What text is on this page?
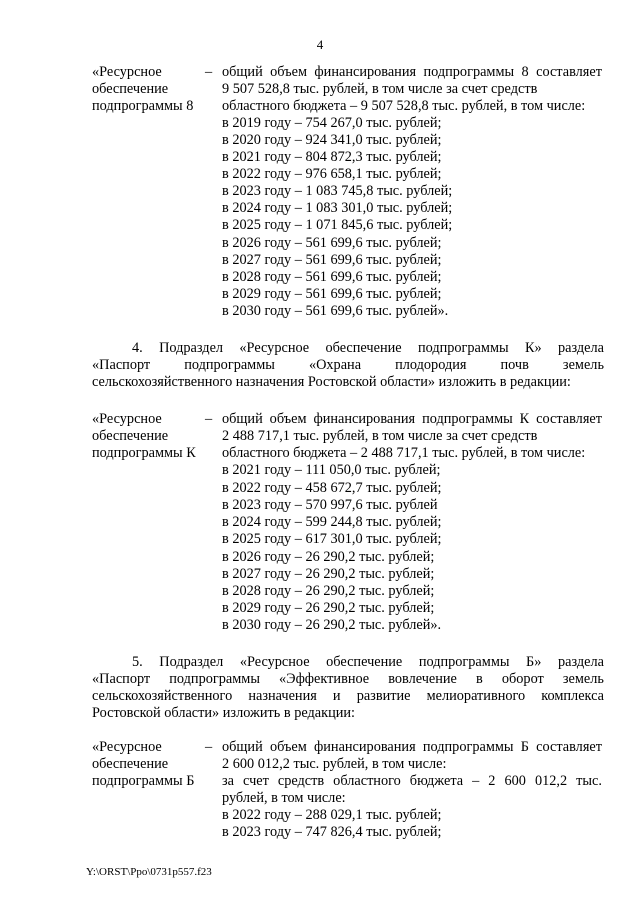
4
«Ресурсное
обеспечение
подпрограммы 8
– общий объем финансирования подпрограммы 8 составляет
9 507 528,8 тыс. рублей, в том числе за счет средств
областного бюджета – 9 507 528,8 тыс. рублей, в том числе:
в 2019 году – 754 267,0 тыс. рублей;
в 2020 году – 924 341,0 тыс. рублей;
в 2021 году – 804 872,3 тыс. рублей;
в 2022 году – 976 658,1 тыс. рублей;
в 2023 году – 1 083 745,8 тыс. рублей;
в 2024 году – 1 083 301,0 тыс. рублей;
в 2025 году – 1 071 845,6 тыс. рублей;
в 2026 году – 561 699,6 тыс. рублей;
в 2027 году – 561 699,6 тыс. рублей;
в 2028 году – 561 699,6 тыс. рублей;
в 2029 году – 561 699,6 тыс. рублей;
в 2030 году – 561 699,6 тыс. рублей».
4. Подраздел «Ресурсное обеспечение подпрограммы К» раздела
«Паспорт подпрограммы «Охрана плодородия почв земель
сельскохозяйственного назначения Ростовской области» изложить в редакции:
«Ресурсное
обеспечение
подпрограммы К
– общий объем финансирования подпрограммы К составляет
2 488 717,1 тыс. рублей, в том числе за счет средств
областного бюджета – 2 488 717,1 тыс. рублей, в том числе:
в 2021 году – 111 050,0 тыс. рублей;
в 2022 году – 458 672,7 тыс. рублей;
в 2023 году – 570 997,6 тыс. рублей
в 2024 году – 599 244,8 тыс. рублей;
в 2025 году – 617 301,0 тыс. рублей;
в 2026 году – 26 290,2 тыс. рублей;
в 2027 году – 26 290,2 тыс. рублей;
в 2028 году – 26 290,2 тыс. рублей;
в 2029 году – 26 290,2 тыс. рублей;
в 2030 году – 26 290,2 тыс. рублей».
5. Подраздел «Ресурсное обеспечение подпрограммы Б» раздела
«Паспорт подпрограммы «Эффективное вовлечение в оборот земель
сельскохозяйственного назначения и развитие мелиоративного комплекса
Ростовской области» изложить в редакции:
«Ресурсное
обеспечение
подпрограммы Б
– общий объем финансирования подпрограммы Б составляет
2 600 012,2 тыс. рублей, в том числе:
за счет средств областного бюджета – 2 600 012,2 тыс.
рублей, в том числе:
в 2022 году – 288 029,1 тыс. рублей;
в 2023 году – 747 826,4 тыс. рублей;
Y:\ORST\Ppo\0731p557.f23
